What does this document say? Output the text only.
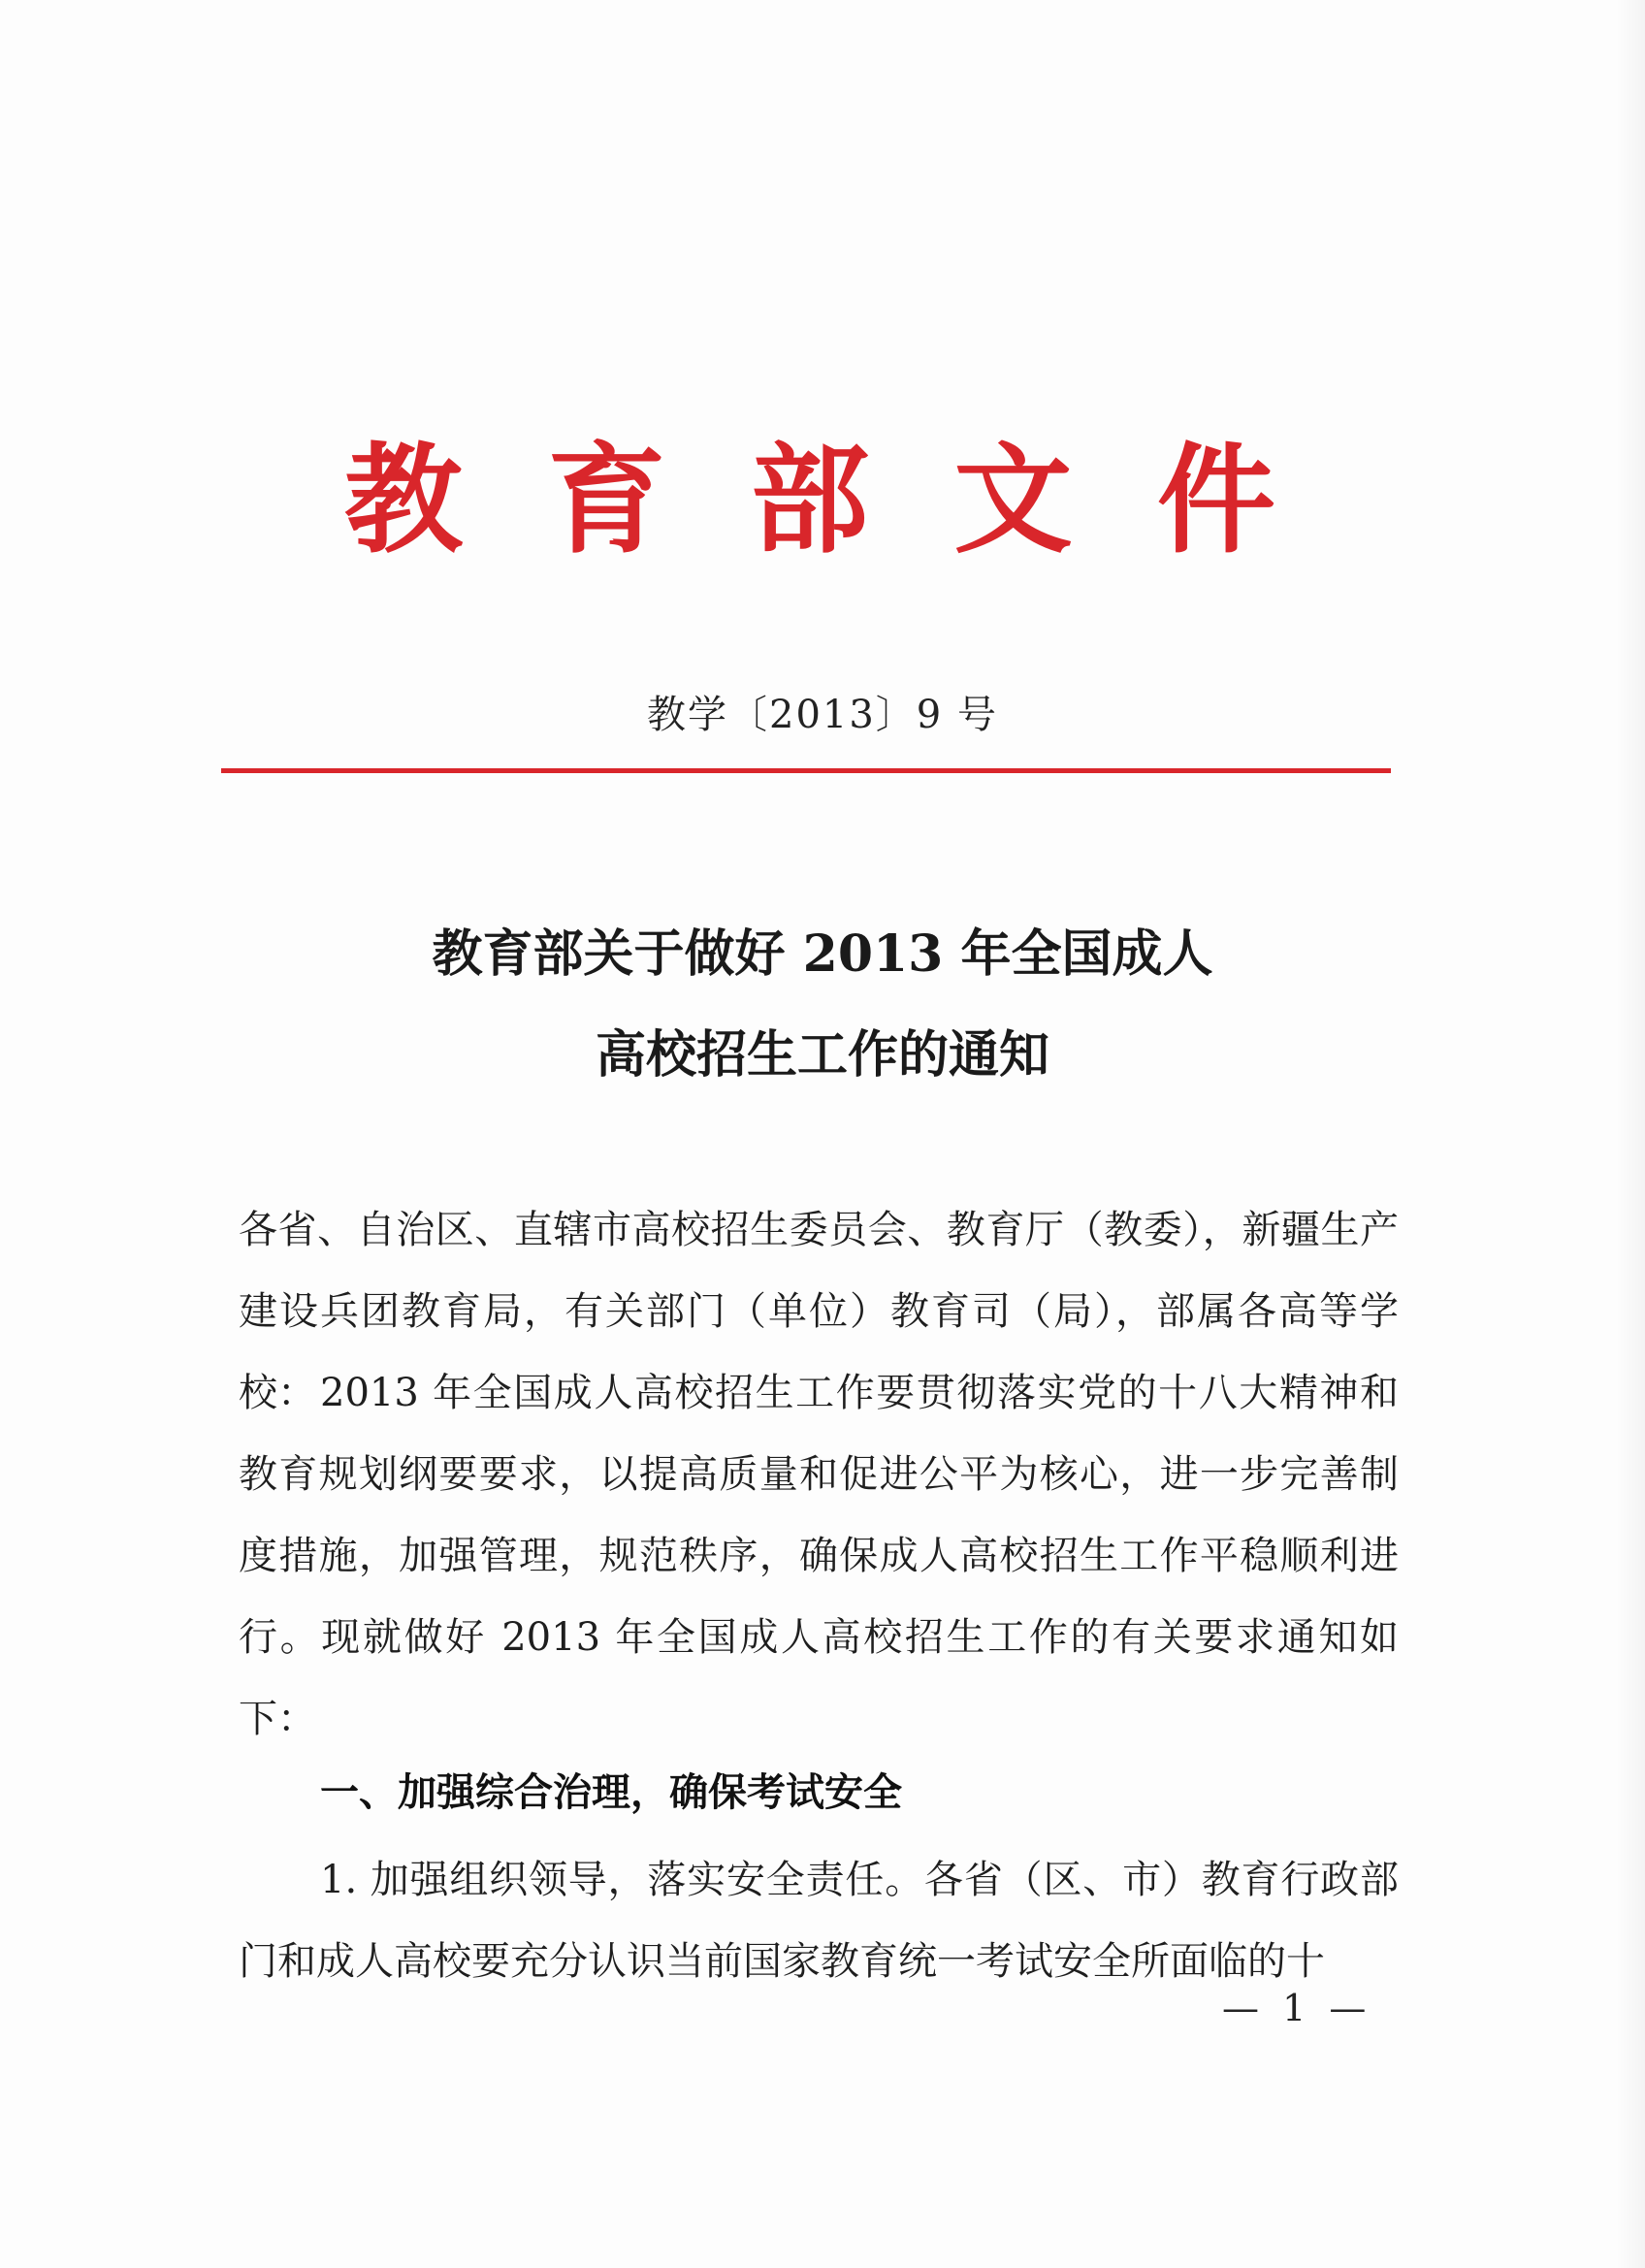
教 育 部 文 件
教学〔2013〕9 号
教育部关于做好 2013 年全国成人
高校招生工作的通知
各省、自治区、直辖市高校招生委员会、教育厅（教委），新疆生产建设兵团教育局，有关部门（单位）教育司（局），部属各高等学校： 2013 年全国成人高校招生工作要贯彻落实党的十八大精神和教育规划纲要要求，以提高质量和促进公平为核心，进一步完善制度措施，加强管理，规范秩序，确保成人高校招生工作平稳顺利进行。现就做好 2013 年全国成人高校招生工作的有关要求通知如下：
一、加强综合治理，确保考试安全
1. 加强组织领导，落实安全责任。各省（区、市）教育行政部门和成人高校要充分认识当前国家教育统一考试安全所面临的十
— 1 —
